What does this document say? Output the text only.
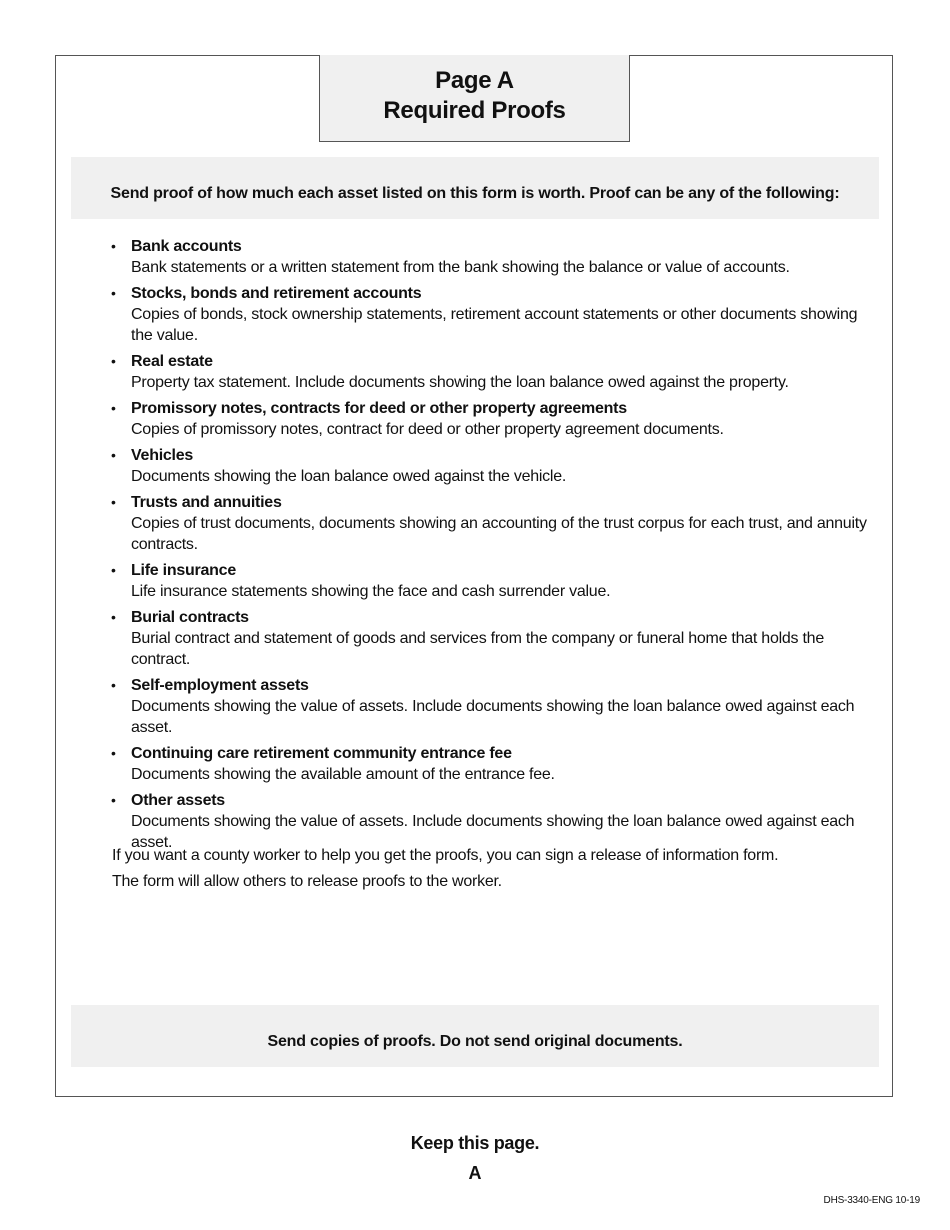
Page A
Required Proofs
Send proof of how much each asset listed on this form is worth. Proof can be any of the following:
• Bank accounts
Bank statements or a written statement from the bank showing the balance or value of accounts.
• Stocks, bonds and retirement accounts
Copies of bonds, stock ownership statements, retirement account statements or other documents showing the value.
• Real estate
Property tax statement. Include documents showing the loan balance owed against the property.
• Promissory notes, contracts for deed or other property agreements
Copies of promissory notes, contract for deed or other property agreement documents.
• Vehicles
Documents showing the loan balance owed against the vehicle.
• Trusts and annuities
Copies of trust documents, documents showing an accounting of the trust corpus for each trust, and annuity contracts.
• Life insurance
Life insurance statements showing the face and cash surrender value.
• Burial contracts
Burial contract and statement of goods and services from the company or funeral home that holds the contract.
• Self-employment assets
Documents showing the value of assets. Include documents showing the loan balance owed against each asset.
• Continuing care retirement community entrance fee
Documents showing the available amount of the entrance fee.
• Other assets
Documents showing the value of assets. Include documents showing the loan balance owed against each asset.
If you want a county worker to help you get the proofs, you can sign a release of information form.
The form will allow others to release proofs to the worker.
Send copies of proofs. Do not send original documents.
Keep this page.
A
DHS-3340-ENG 10-19
